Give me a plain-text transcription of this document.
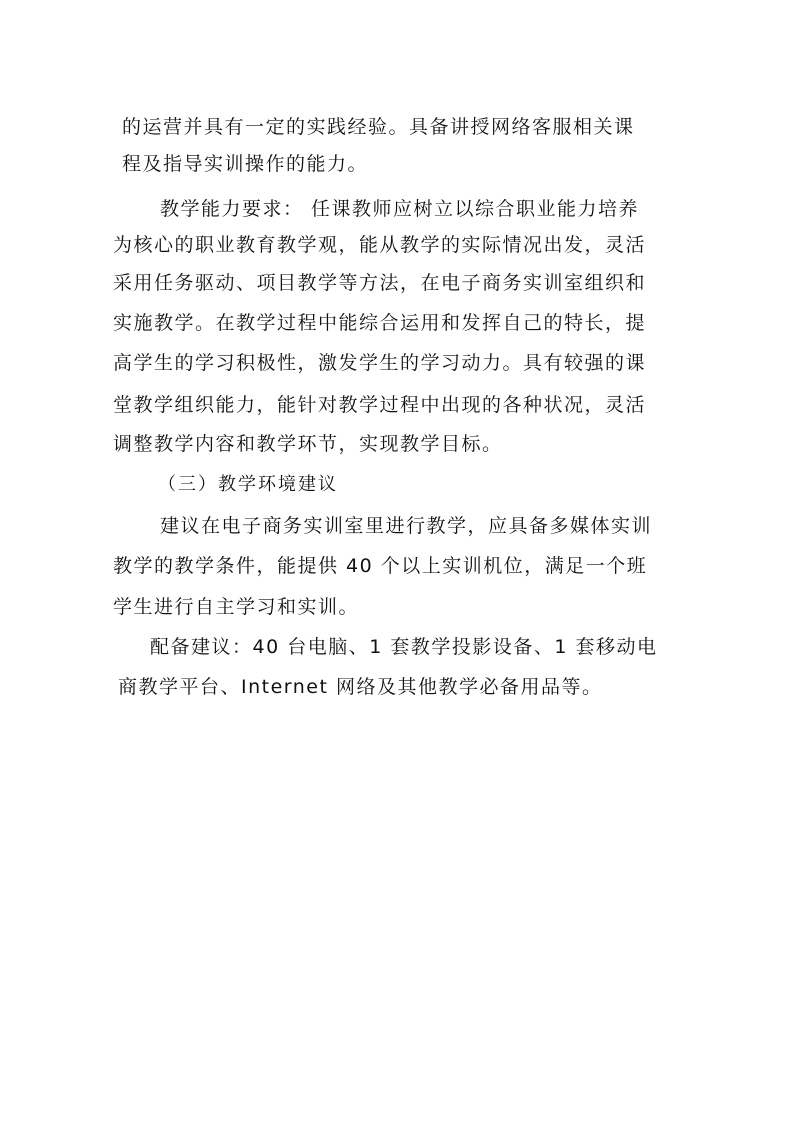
的运营并具有一定的实践经验。具备讲授网络客服相关课
程及指导实训操作的能力。
教学能力要求： 任课教师应树立以综合职业能力培养
为核心的职业教育教学观，能从教学的实际情况出发，灵活
采用任务驱动、项目教学等方法，在电子商务实训室组织和
实施教学。在教学过程中能综合运用和发挥自己的特长，提
高学生的学习积极性，激发学生的学习动力。具有较强的课
堂教学组织能力，能针对教学过程中出现的各种状况，灵活
调整教学内容和教学环节，实现教学目标。
（三）教学环境建议
建议在电子商务实训室里进行教学，应具备多媒体实训
教学的教学条件，能提供 40 个以上实训机位，满足一个班
学生进行自主学习和实训。
配备建议：40 台电脑、1 套教学投影设备、1 套移动电
商教学平台、Internet 网络及其他教学必备用品等。
